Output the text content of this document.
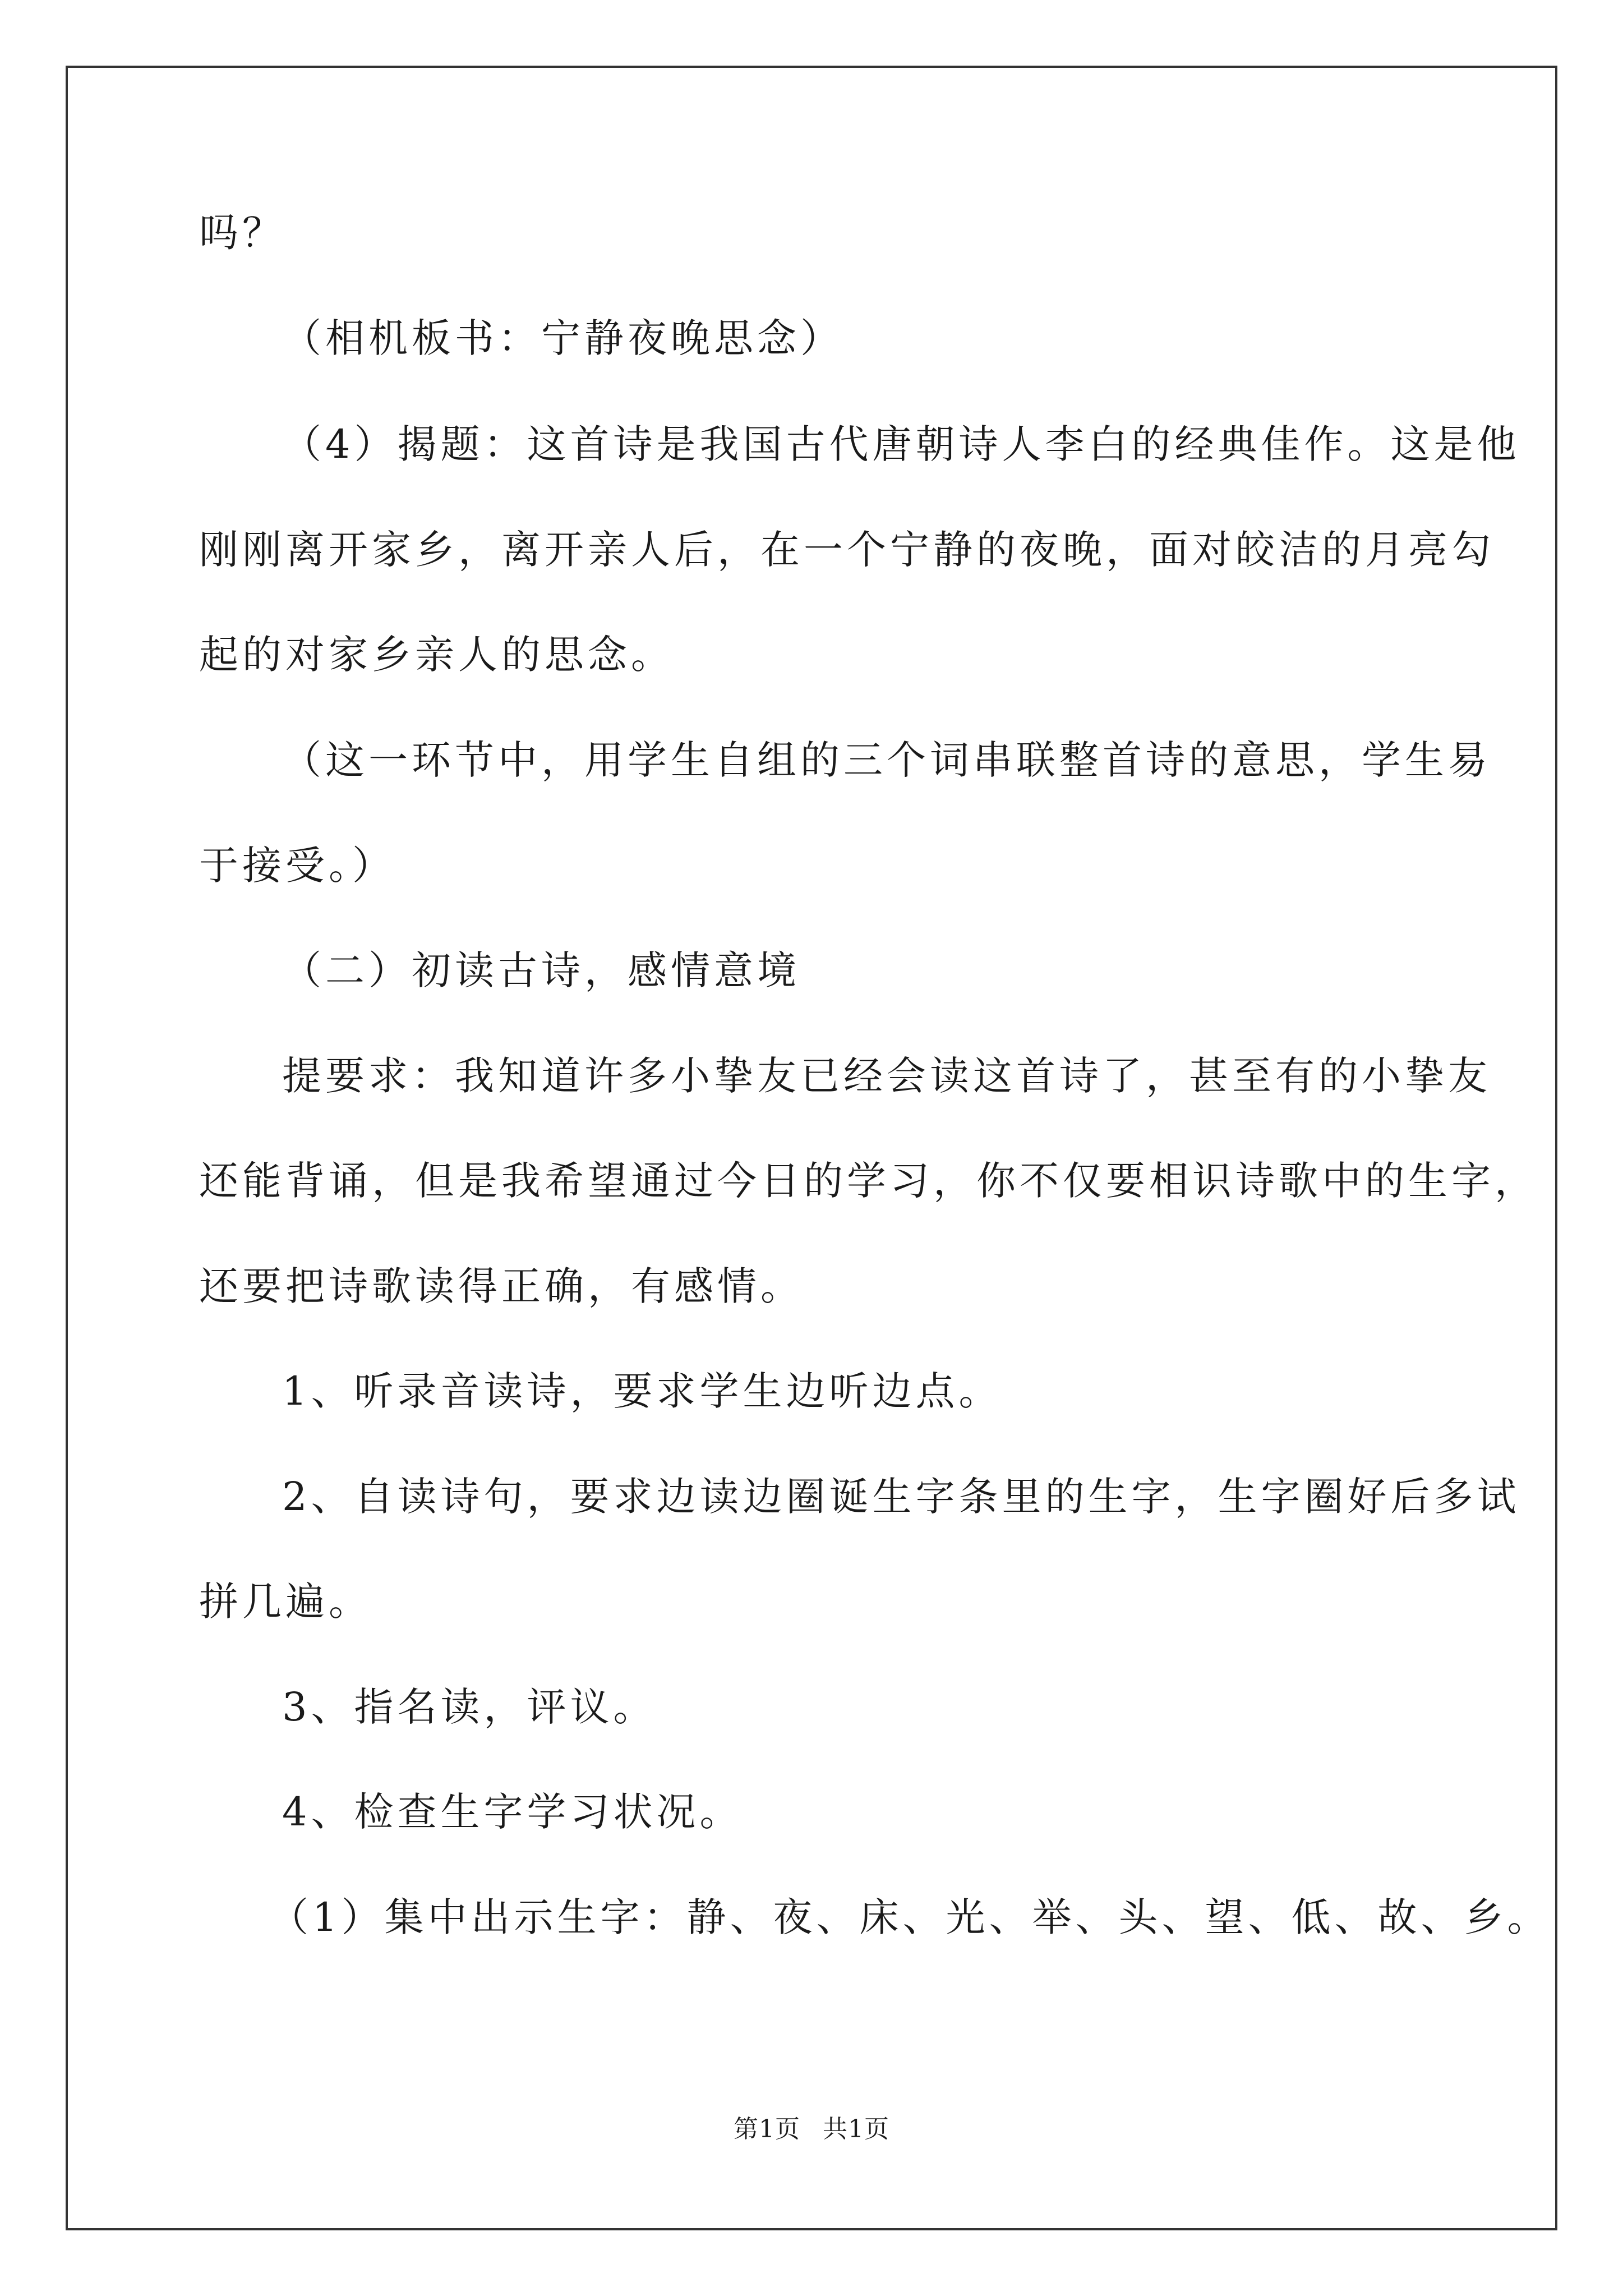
吗？
（相机板书：宁静夜晚思念）
（4）揭题：这首诗是我国古代唐朝诗人李白的经典佳作。这是他
刚刚离开家乡，离开亲人后，在一个宁静的夜晚，面对皎洁的月亮勾
起的对家乡亲人的思念。
（这一环节中，用学生自组的三个词串联整首诗的意思，学生易
于接受。）
（二）初读古诗，感情意境
提要求：我知道许多小挚友已经会读这首诗了，甚至有的小挚友
还能背诵，但是我希望通过今日的学习，你不仅要相识诗歌中的生字，
还要把诗歌读得正确，有感情。
1、听录音读诗，要求学生边听边点。
2、自读诗句，要求边读边圈诞生字条里的生字，生字圈好后多试
拼几遍。
3、指名读，评议。
4、检查生字学习状况。
（1）集中出示生字：静、夜、床、光、举、头、望、低、故、乡。
第1页 共1页
